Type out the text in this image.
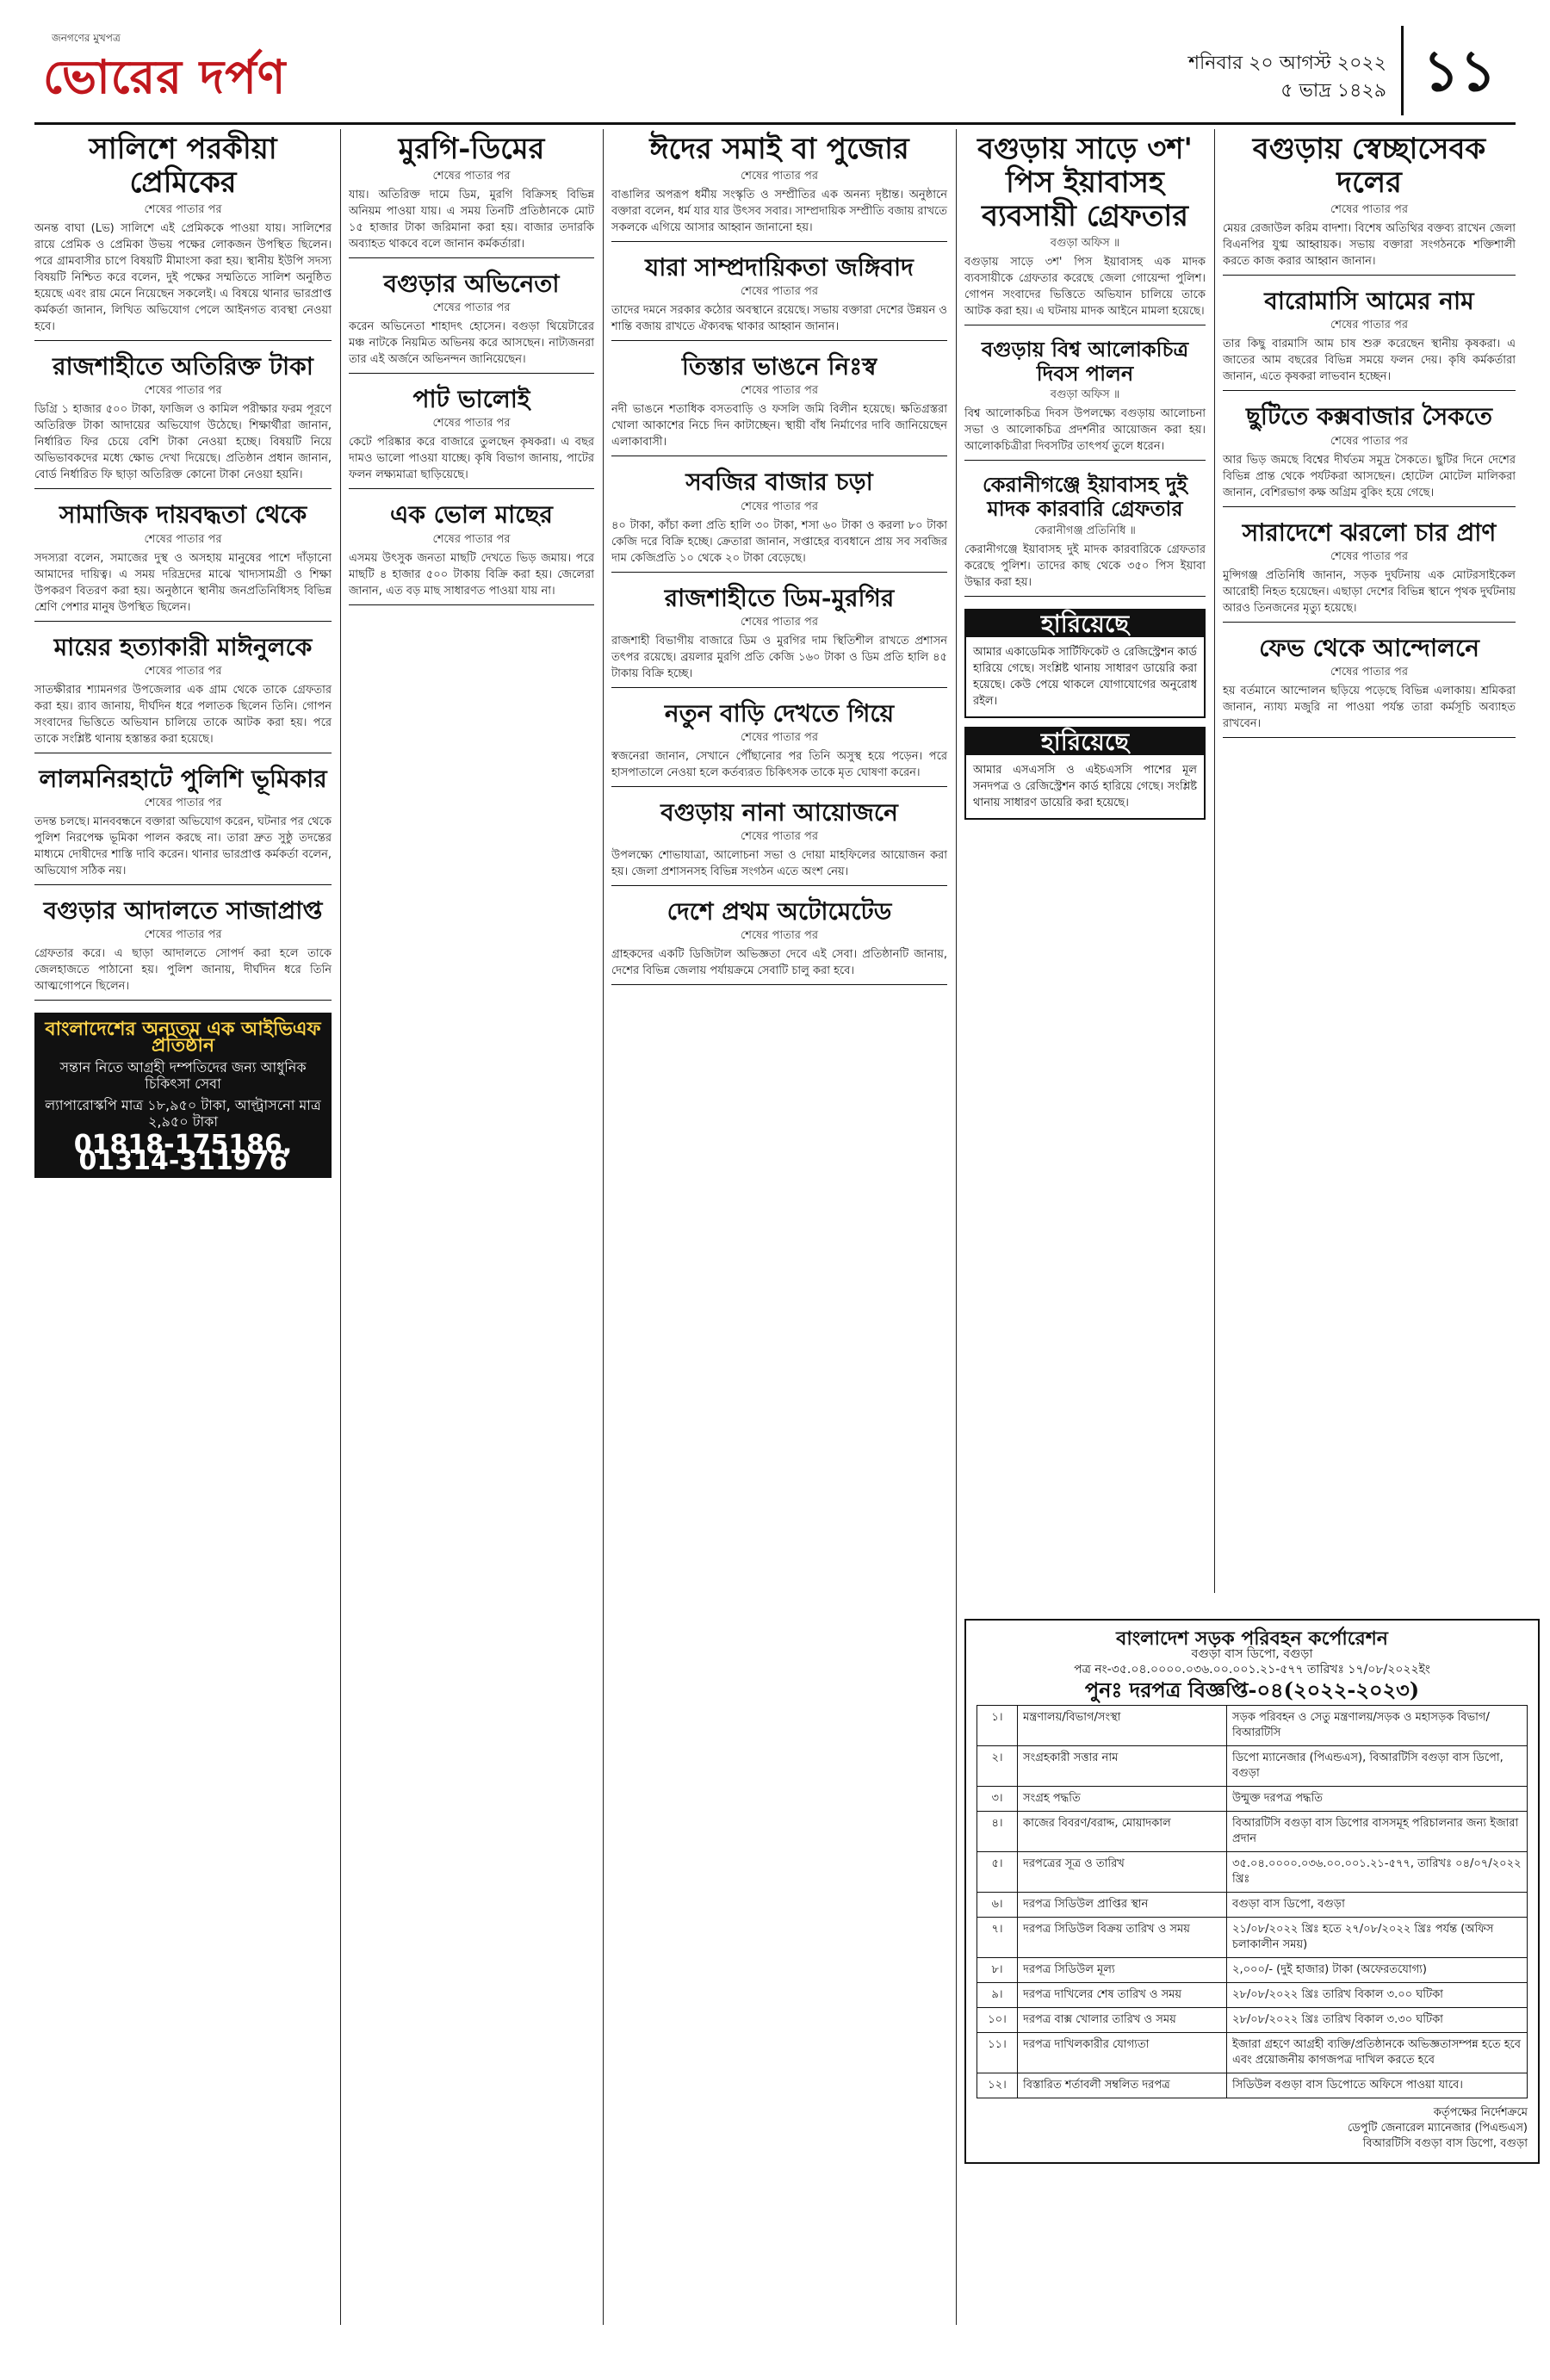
জনগণের মুখপত্র
ভোরের দর্পণ	শনিবার ২০ আগস্ট ২০২২
৫ ভাদ্র ১৪২৯ ১১
সালিশে পরকীয়া প্রেমিকের
শেষের পাতার পর
অনন্ত বাঘা (Lভ) সালিশে এই প্রেমিককে পাওয়া যায়। সালিশের রায়ে প্রেমিক ও প্রেমিকা উভয় পক্ষের লোকজন উপস্থিত ছিলেন। পরে গ্রামবাসীর চাপে বিষয়টি মীমাংসা করা হয়। স্থানীয় ইউপি সদস্য বিষয়টি নিশ্চিত করে বলেন, দুই পক্ষের সম্মতিতে সালিশ অনুষ্ঠিত হয়েছে এবং রায় মেনে নিয়েছেন সকলেই। এ বিষয়ে থানার ভারপ্রাপ্ত কর্মকর্তা জানান, লিখিত অভিযোগ পেলে আইনগত ব্যবস্থা নেওয়া হবে।
রাজশাহীতে অতিরিক্ত টাকা
শেষের পাতার পর
ডিগ্রি ১ হাজার ৫০০ টাকা, ফাজিল ও কামিল পরীক্ষার ফরম পূরণে অতিরিক্ত টাকা আদায়ের অভিযোগ উঠেছে। শিক্ষার্থীরা জানান, নির্ধারিত ফির চেয়ে বেশি টাকা নেওয়া হচ্ছে। বিষয়টি নিয়ে অভিভাবকদের মধ্যে ক্ষোভ দেখা দিয়েছে। প্রতিষ্ঠান প্রধান জানান, বোর্ড নির্ধারিত ফি ছাড়া অতিরিক্ত কোনো টাকা নেওয়া হয়নি।
সামাজিক দায়বদ্ধতা থেকে
শেষের পাতার পর
সদস্যরা বলেন, সমাজের দুস্থ ও অসহায় মানুষের পাশে দাঁড়ানো আমাদের দায়িত্ব। এ সময় দরিদ্রদের মাঝে খাদ্যসামগ্রী ও শিক্ষা উপকরণ বিতরণ করা হয়। অনুষ্ঠানে স্থানীয় জনপ্রতিনিধিসহ বিভিন্ন শ্রেণি পেশার মানুষ উপস্থিত ছিলেন।
মায়ের হত্যাকারী মাঈনুলকে
শেষের পাতার পর
সাতক্ষীরার শ্যামনগর উপজেলার এক গ্রাম থেকে তাকে গ্রেফতার করা হয়। র‌্যাব জানায়, দীর্ঘদিন ধরে পলাতক ছিলেন তিনি। গোপন সংবাদের ভিত্তিতে অভিযান চালিয়ে তাকে আটক করা হয়। পরে তাকে সংশ্লিষ্ট থানায় হস্তান্তর করা হয়েছে।
লালমনিরহাটে পুলিশি ভূমিকার
শেষের পাতার পর
তদন্ত চলছে। মানববন্ধনে বক্তারা অভিযোগ করেন, ঘটনার পর থেকে পুলিশ নিরপেক্ষ ভূমিকা পালন করছে না। তারা দ্রুত সুষ্ঠু তদন্তের মাধ্যমে দোষীদের শাস্তি দাবি করেন। থানার ভারপ্রাপ্ত কর্মকর্তা বলেন, অভিযোগ সঠিক নয়।
বগুড়ার আদালতে সাজাপ্রাপ্ত
শেষের পাতার পর
গ্রেফতার করে। এ ছাড়া আদালতে সোপর্দ করা হলে তাকে জেলহাজতে পাঠানো হয়। পুলিশ জানায়, দীর্ঘদিন ধরে তিনি আত্মগোপনে ছিলেন।
বাংলাদেশের অন্যতম এক আইভিএফ প্রতিষ্ঠান
সন্তান নিতে আগ্রহী দম্পতিদের জন্য আধুনিক চিকিৎসা সেবা
ল্যাপারোস্কপি মাত্র ১৮,৯৫০ টাকা, আল্ট্রাসনো মাত্র ২,৯৫০ টাকা
01818-175186, 01314-311976
মুরগি-ডিমের
শেষের পাতার পর
যায়। অতিরিক্ত দামে ডিম, মুরগি বিক্রিসহ বিভিন্ন অনিয়ম পাওয়া যায়। এ সময় তিনটি প্রতিষ্ঠানকে মোট ১৫ হাজার টাকা জরিমানা করা হয়। বাজার তদারকি অব্যাহত থাকবে বলে জানান কর্মকর্তারা।
বগুড়ার অভিনেতা
শেষের পাতার পর
করেন অভিনেতা শাহাদৎ হোসেন। বগুড়া থিয়েটারের মঞ্চ নাটকে নিয়মিত অভিনয় করে আসছেন। নাট্যজনরা তার এই অর্জনে অভিনন্দন জানিয়েছেন।
পাট ভালোই
শেষের পাতার পর
কেটে পরিষ্কার করে বাজারে তুলছেন কৃষকরা। এ বছর দামও ভালো পাওয়া যাচ্ছে। কৃষি বিভাগ জানায়, পাটের ফলন লক্ষ্যমাত্রা ছাড়িয়েছে।
এক ভোল মাছের
শেষের পাতার পর
এসময় উৎসুক জনতা মাছটি দেখতে ভিড় জমায়। পরে মাছটি ৪ হাজার ৫০০ টাকায় বিক্রি করা হয়। জেলেরা জানান, এত বড় মাছ সাধারণত পাওয়া যায় না।
ঈদের সমাই বা পুজোর
শেষের পাতার পর
বাঙালির অপরূপ ধর্মীয় সংস্কৃতি ও সম্প্রীতির এক অনন্য দৃষ্টান্ত। অনুষ্ঠানে বক্তারা বলেন, ধর্ম যার যার উৎসব সবার। সাম্প্রদায়িক সম্প্রীতি বজায় রাখতে সকলকে এগিয়ে আসার আহ্বান জানানো হয়।
যারা সাম্প্রদায়িকতা জঙ্গিবাদ
শেষের পাতার পর
তাদের দমনে সরকার কঠোর অবস্থানে রয়েছে। সভায় বক্তারা দেশের উন্নয়ন ও শান্তি বজায় রাখতে ঐক্যবদ্ধ থাকার আহ্বান জানান।
তিস্তার ভাঙনে নিঃস্ব
শেষের পাতার পর
নদী ভাঙনে শতাধিক বসতবাড়ি ও ফসলি জমি বিলীন হয়েছে। ক্ষতিগ্রস্তরা খোলা আকাশের নিচে দিন কাটাচ্ছেন। স্থায়ী বাঁধ নির্মাণের দাবি জানিয়েছেন এলাকাবাসী।
সবজির বাজার চড়া
শেষের পাতার পর
৪০ টাকা, কাঁচা কলা প্রতি হালি ৩০ টাকা, শসা ৬০ টাকা ও করলা ৮০ টাকা কেজি দরে বিক্রি হচ্ছে। ক্রেতারা জানান, সপ্তাহের ব্যবধানে প্রায় সব সবজির দাম কেজিপ্রতি ১০ থেকে ২০ টাকা বেড়েছে।
রাজশাহীতে ডিম-মুরগির
শেষের পাতার পর
রাজশাহী বিভাগীয় বাজারে ডিম ও মুরগির দাম স্থিতিশীল রাখতে প্রশাসন তৎপর রয়েছে। ব্রয়লার মুরগি প্রতি কেজি ১৬০ টাকা ও ডিম প্রতি হালি ৪৫ টাকায় বিক্রি হচ্ছে।
নতুন বাড়ি দেখতে গিয়ে
শেষের পাতার পর
স্বজনেরা জানান, সেখানে পৌঁছানোর পর তিনি অসুস্থ হয়ে পড়েন। পরে হাসপাতালে নেওয়া হলে কর্তব্যরত চিকিৎসক তাকে মৃত ঘোষণা করেন।
বগুড়ায় নানা আয়োজনে
শেষের পাতার পর
উপলক্ষ্যে শোভাযাত্রা, আলোচনা সভা ও দোয়া মাহফিলের আয়োজন করা হয়। জেলা প্রশাসনসহ বিভিন্ন সংগঠন এতে অংশ নেয়।
দেশে প্রথম অটোমেটেড
শেষের পাতার পর
গ্রাহকদের একটি ডিজিটাল অভিজ্ঞতা দেবে এই সেবা। প্রতিষ্ঠানটি জানায়, দেশের বিভিন্ন জেলায় পর্যায়ক্রমে সেবাটি চালু করা হবে।
বগুড়ায় সাড়ে ৩শ' পিস ইয়াবাসহ ব্যবসায়ী গ্রেফতার
বগুড়া অফিস ॥
বগুড়ায় সাড়ে ৩শ' পিস ইয়াবাসহ এক মাদক ব্যবসায়ীকে গ্রেফতার করেছে জেলা গোয়েন্দা পুলিশ। গোপন সংবাদের ভিত্তিতে অভিযান চালিয়ে তাকে আটক করা হয়। এ ঘটনায় মাদক আইনে মামলা হয়েছে।
বগুড়ায় বিশ্ব আলোকচিত্র দিবস পালন
বগুড়া অফিস ॥
বিশ্ব আলোকচিত্র দিবস উপলক্ষ্যে বগুড়ায় আলোচনা সভা ও আলোকচিত্র প্রদর্শনীর আয়োজন করা হয়। আলোকচিত্রীরা দিবসটির তাৎপর্য তুলে ধরেন।
কেরানীগঞ্জে ইয়াবাসহ দুই মাদক কারবারি গ্রেফতার
কেরানীগঞ্জ প্রতিনিধি ॥
কেরানীগঞ্জে ইয়াবাসহ দুই মাদক কারবারিকে গ্রেফতার করেছে পুলিশ। তাদের কাছ থেকে ৩৫০ পিস ইয়াবা উদ্ধার করা হয়।
হারিয়েছে
আমার একাডেমিক সার্টিফিকেট ও রেজিস্ট্রেশন কার্ড হারিয়ে গেছে। সংশ্লিষ্ট থানায় সাধারণ ডায়েরি করা হয়েছে। কেউ পেয়ে থাকলে যোগাযোগের অনুরোধ রইল।
হারিয়েছে
আমার এসএসসি ও এইচএসসি পাশের মূল সনদপত্র ও রেজিস্ট্রেশন কার্ড হারিয়ে গেছে। সংশ্লিষ্ট থানায় সাধারণ ডায়েরি করা হয়েছে।
বগুড়ায় স্বেচ্ছাসেবক দলের
শেষের পাতার পর
মেয়র রেজাউল করিম বাদশা। বিশেষ অতিথির বক্তব্য রাখেন জেলা বিএনপির যুগ্ম আহ্বায়ক। সভায় বক্তারা সংগঠনকে শক্তিশালী করতে কাজ করার আহ্বান জানান।
বারোমাসি আমের নাম
শেষের পাতার পর
তার কিছু বারমাসি আম চাষ শুরু করেছেন স্থানীয় কৃষকরা। এ জাতের আম বছরের বিভিন্ন সময়ে ফলন দেয়। কৃষি কর্মকর্তারা জানান, এতে কৃষকরা লাভবান হচ্ছেন।
ছুটিতে কক্সবাজার সৈকতে
শেষের পাতার পর
আর ভিড় জমছে বিশ্বের দীর্ঘতম সমুদ্র সৈকতে। ছুটির দিনে দেশের বিভিন্ন প্রান্ত থেকে পর্যটকরা আসছেন। হোটেল মোটেল মালিকরা জানান, বেশিরভাগ কক্ষ অগ্রিম বুকিং হয়ে গেছে।
সারাদেশে ঝরলো চার প্রাণ
শেষের পাতার পর
মুন্সিগঞ্জ প্রতিনিধি জানান, সড়ক দুর্ঘটনায় এক মোটরসাইকেল আরোহী নিহত হয়েছেন। এছাড়া দেশের বিভিন্ন স্থানে পৃথক দুর্ঘটনায় আরও তিনজনের মৃত্যু হয়েছে।
ফেভ থেকে আন্দোলনে
শেষের পাতার পর
হয় বর্তমানে আন্দোলন ছড়িয়ে পড়েছে বিভিন্ন এলাকায়। শ্রমিকরা জানান, ন্যায্য মজুরি না পাওয়া পর্যন্ত তারা কর্মসূচি অব্যাহত রাখবেন।
বাংলাদেশ সড়ক পরিবহন কর্পোরেশন
বগুড়া বাস ডিপো, বগুড়া
পত্র নং-৩৫.০৪.০০০০.০৩৬.০০.০০১.২১-৫৭৭ তারিখঃ ১৭/০৮/২০২২ইং
পুনঃ দরপত্র বিজ্ঞপ্তি-০৪(২০২২-২০২৩)
১।	মন্ত্রণালয়/বিভাগ/সংস্থা	সড়ক পরিবহন ও সেতু মন্ত্রণালয়/সড়ক ও মহাসড়ক বিভাগ/বিআরটিসি
২।	সংগ্রহকারী সত্তার নাম	ডিপো ম্যানেজার (পিএন্ডএস), বিআরটিসি বগুড়া বাস ডিপো, বগুড়া
৩।	সংগ্রহ পদ্ধতি	উন্মুক্ত দরপত্র পদ্ধতি
৪।	কাজের বিবরণ/বরাদ্দ, মোয়াদকাল	বিআরটিসি বগুড়া বাস ডিপোর বাসসমূহ পরিচালনার জন্য ইজারা প্রদান
৫।	দরপত্রের সূত্র ও তারিখ	৩৫.০৪.০০০০.০৩৬.০০.০০১.২১-৫৭৭, তারিখঃ ০৪/০৭/২০২২ খ্রিঃ
৬।	দরপত্র সিডিউল প্রাপ্তির স্থান	বগুড়া বাস ডিপো, বগুড়া
৭।	দরপত্র সিডিউল বিক্রয় তারিখ ও সময়	২১/০৮/২০২২ খ্রিঃ হতে ২৭/০৮/২০২২ খ্রিঃ পর্যন্ত (অফিস চলাকালীন সময়)
৮।	দরপত্র সিডিউল মূল্য	২,০০০/- (দুই হাজার) টাকা (অফেরতযোগ্য)
৯।	দরপত্র দাখিলের শেষ তারিখ ও সময়	২৮/০৮/২০২২ খ্রিঃ তারিখ বিকাল ৩.০০ ঘটিকা
১০।	দরপত্র বাক্স খোলার তারিখ ও সময়	২৮/০৮/২০২২ খ্রিঃ তারিখ বিকাল ৩.৩০ ঘটিকা
১১।	দরপত্র দাখিলকারীর যোগ্যতা	ইজারা গ্রহণে আগ্রহী ব্যক্তি/প্রতিষ্ঠানকে অভিজ্ঞতাসম্পন্ন হতে হবে এবং প্রয়োজনীয় কাগজপত্র দাখিল করতে হবে
১২।	বিস্তারিত শর্তাবলী সম্বলিত দরপত্র	সিডিউল বগুড়া বাস ডিপোতে অফিসে পাওয়া যাবে।
কর্তৃপক্ষের নির্দেশক্রমে
ডেপুটি জেনারেল ম্যানেজার (পিএন্ডএস)
বিআরটিসি বগুড়া বাস ডিপো, বগুড়া
